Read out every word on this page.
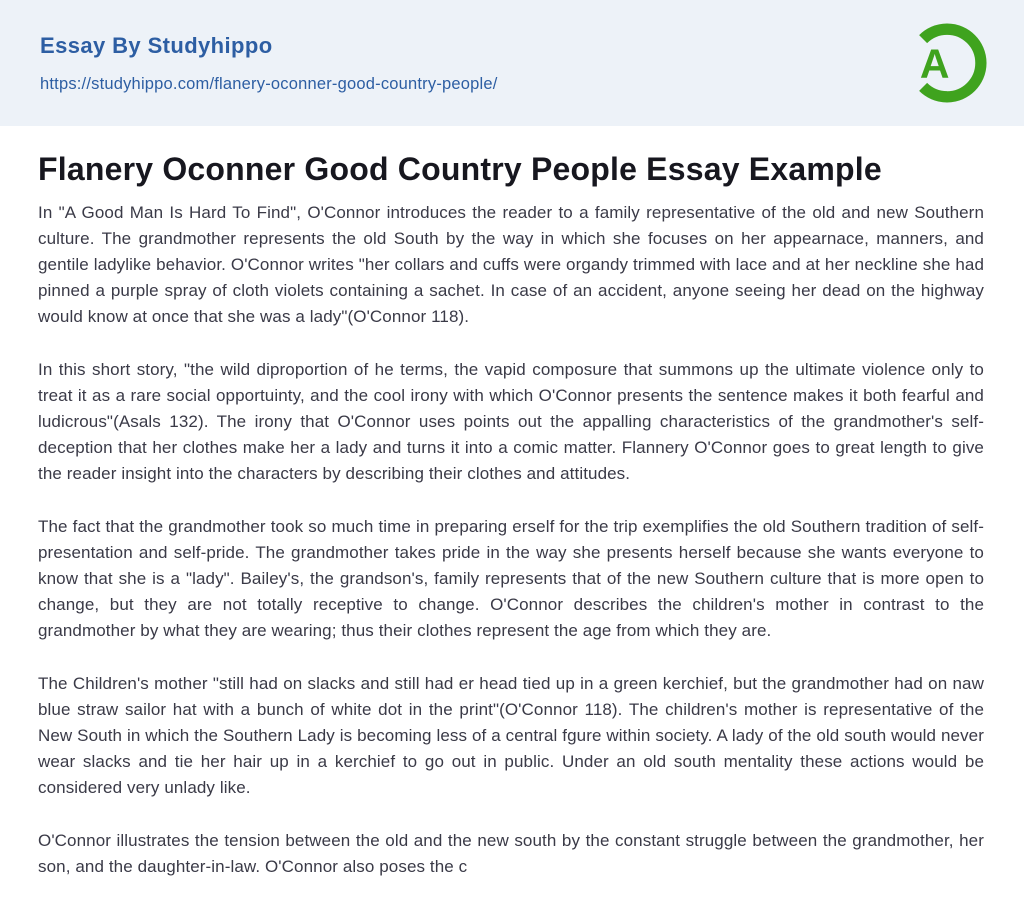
Essay By Studyhippo
https://studyhippo.com/flanery-oconner-good-country-people/	A
Flanery Oconner Good Country People Essay Example

In "A Good Man Is Hard To Find", O'Connor introduces the reader to a family representative of the old and new Southern culture. The grandmother represents the old South by the way in which she focuses on her appearnace, manners, and gentile ladylike behavior. O'Connor writes "her collars and cuffs were organdy trimmed with lace and at her neckline she had pinned a purple spray of cloth violets containing a sachet. In case of an accident, anyone seeing her dead on the highway would know at once that she was a lady"(O'Connor 118).

In this short story, "the wild diproportion of he terms, the vapid composure that summons up the ultimate violence only to treat it as a rare social opportuinty, and the cool irony with which O'Connor presents the sentence makes it both fearful and ludicrous"(Asals 132). The irony that O'Connor uses points out the appalling characteristics of the grandmother's self-deception that her clothes make her a lady and turns it into a comic matter. Flannery O'Connor goes to great length to give the reader insight into the characters by describing their clothes and attitudes.

The fact that the grandmother took so much time in preparing erself for the trip exemplifies the old Southern tradition of self-presentation and self-pride. The grandmother takes pride in the way she presents herself because she wants everyone to know that she is a "lady". Bailey's, the grandson's, family represents that of the new Southern culture that is more open to change, but they are not totally receptive to change. O'Connor describes the children's mother in contrast to the grandmother by what they are wearing; thus their clothes represent the age from which they are.

The Children's mother "still had on slacks and still had er head tied up in a green kerchief, but the grandmother had on naw blue straw sailor hat with a bunch of white dot in the print"(O'Connor 118). The children's mother is representative of the New South in which the Southern Lady is becoming less of a central fgure within society. A lady of the old south would never wear slacks and tie her hair up in a kerchief to go out in public. Under an old south mentality these actions would be considered very unlady like.

O'Connor illustrates the tension between the old and the new south by the constant struggle between the grandmother, her son, and the daughter-in-law. O'Connor also poses the c
